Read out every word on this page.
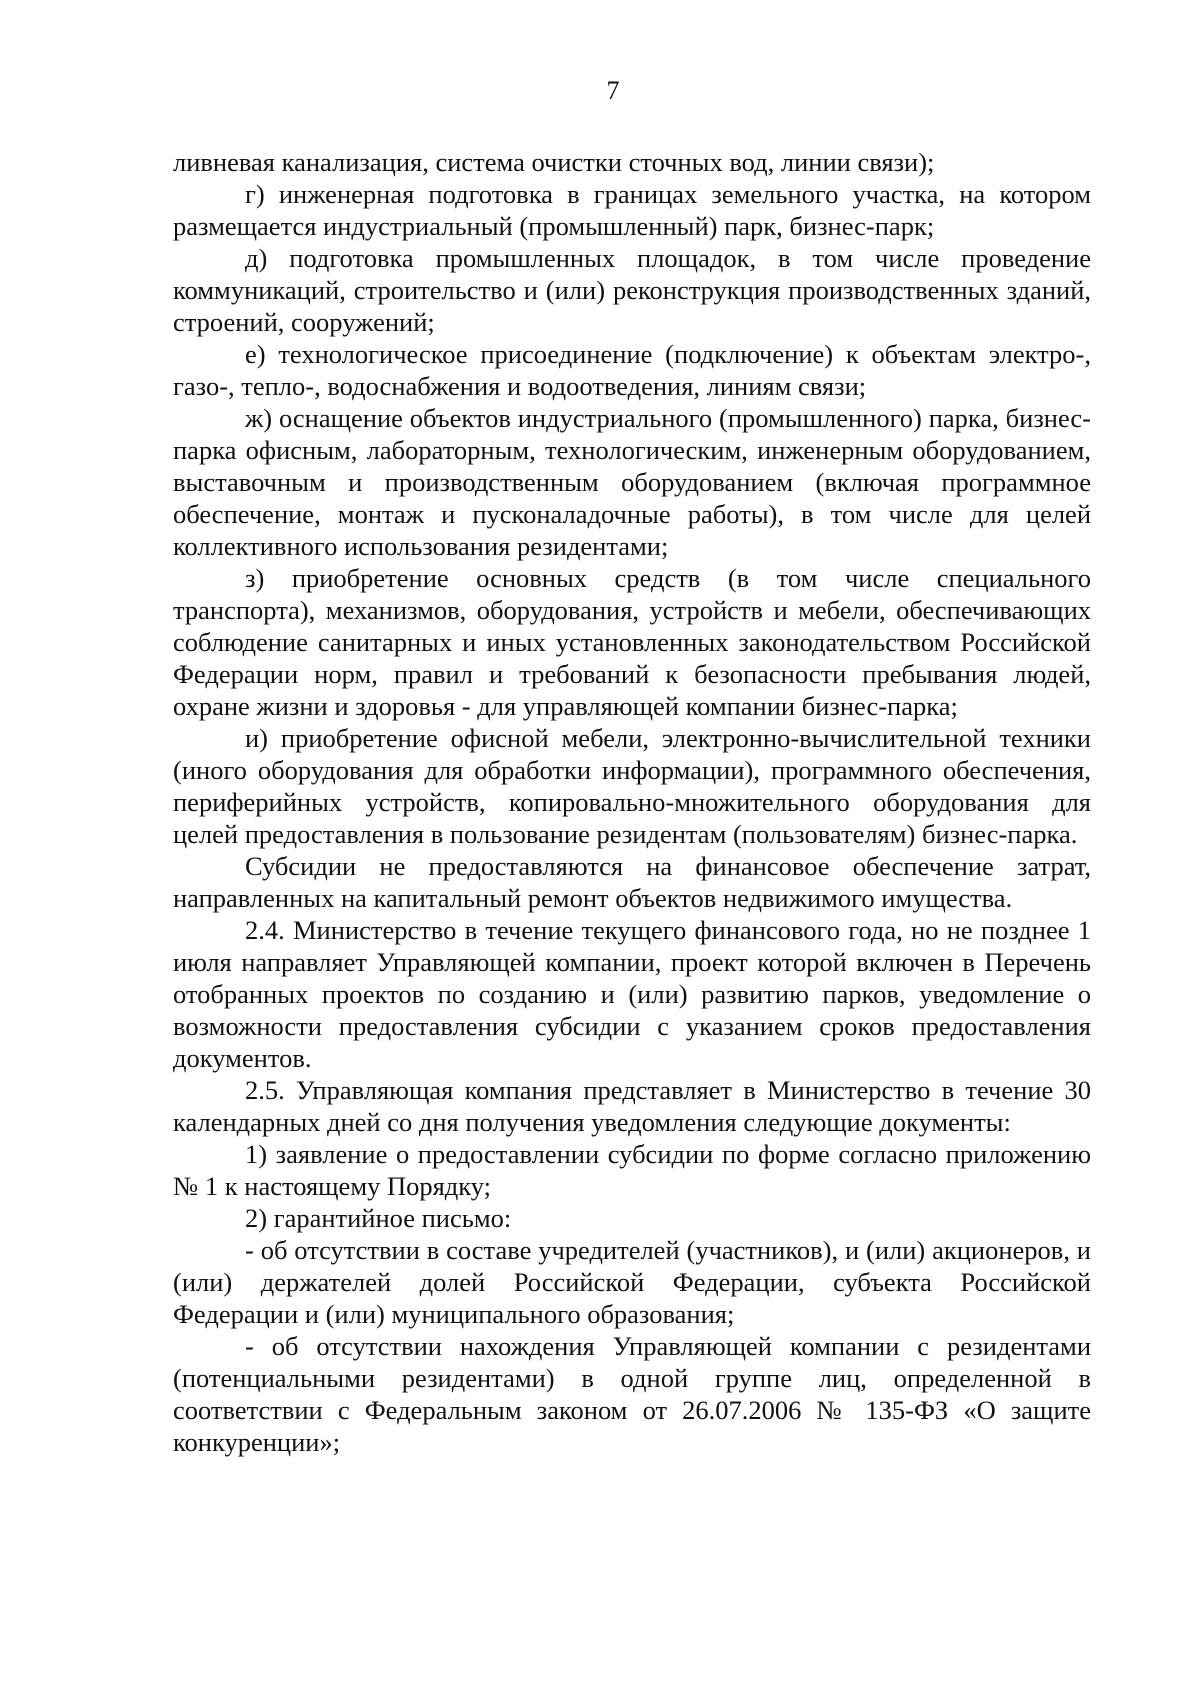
7

ливневая канализация, система очистки сточных вод, линии связи);

г) инженерная подготовка в границах земельного участка, на котором размещается индустриальный (промышленный) парк, бизнес-парк;

д) подготовка промышленных площадок, в том числе проведение коммуникаций, строительство и (или) реконструкция производственных зданий, строений, сооружений;

е) технологическое присоединение (подключение) к объектам электро-, газо-, тепло-, водоснабжения и водоотведения, линиям связи;

ж) оснащение объектов индустриального (промышленного) парка, бизнес-парка офисным, лабораторным, технологическим, инженерным оборудованием, выставочным и производственным оборудованием (включая программное обеспечение, монтаж и пусконаладочные работы), в том числе для целей коллективного использования резидентами;

з) приобретение основных средств (в том числе специального транспорта), механизмов, оборудования, устройств и мебели, обеспечивающих соблюдение санитарных и иных установленных законодательством Российской Федерации норм, правил и требований к безопасности пребывания людей, охране жизни и здоровья - для управляющей компании бизнес-парка;

и) приобретение офисной мебели, электронно-вычислительной техники (иного оборудования для обработки информации), программного обеспечения, периферийных устройств, копировально-множительного оборудования для целей предоставления в пользование резидентам (пользователям) бизнес-парка.

Субсидии не предоставляются на финансовое обеспечение затрат, направленных на капитальный ремонт объектов недвижимого имущества.

2.4. Министерство в течение текущего финансового года, но не позднее 1 июля направляет Управляющей компании, проект которой включен в Перечень отобранных проектов по созданию и (или) развитию парков, уведомление о возможности предоставления субсидии с указанием сроков предоставления документов.

2.5. Управляющая компания представляет в Министерство в течение 30 календарных дней со дня получения уведомления следующие документы:

1) заявление о предоставлении субсидии по форме согласно приложению № 1 к настоящему Порядку;

2) гарантийное письмо:

- об отсутствии в составе учредителей (участников), и (или) акционеров, и (или) держателей долей Российской Федерации, субъекта Российской Федерации и (или) муниципального образования;

- об отсутствии нахождения Управляющей компании с резидентами (потенциальными резидентами) в одной группе лиц, определенной в соответствии с Федеральным законом от 26.07.2006 № 135-ФЗ «О защите конкуренции»;
